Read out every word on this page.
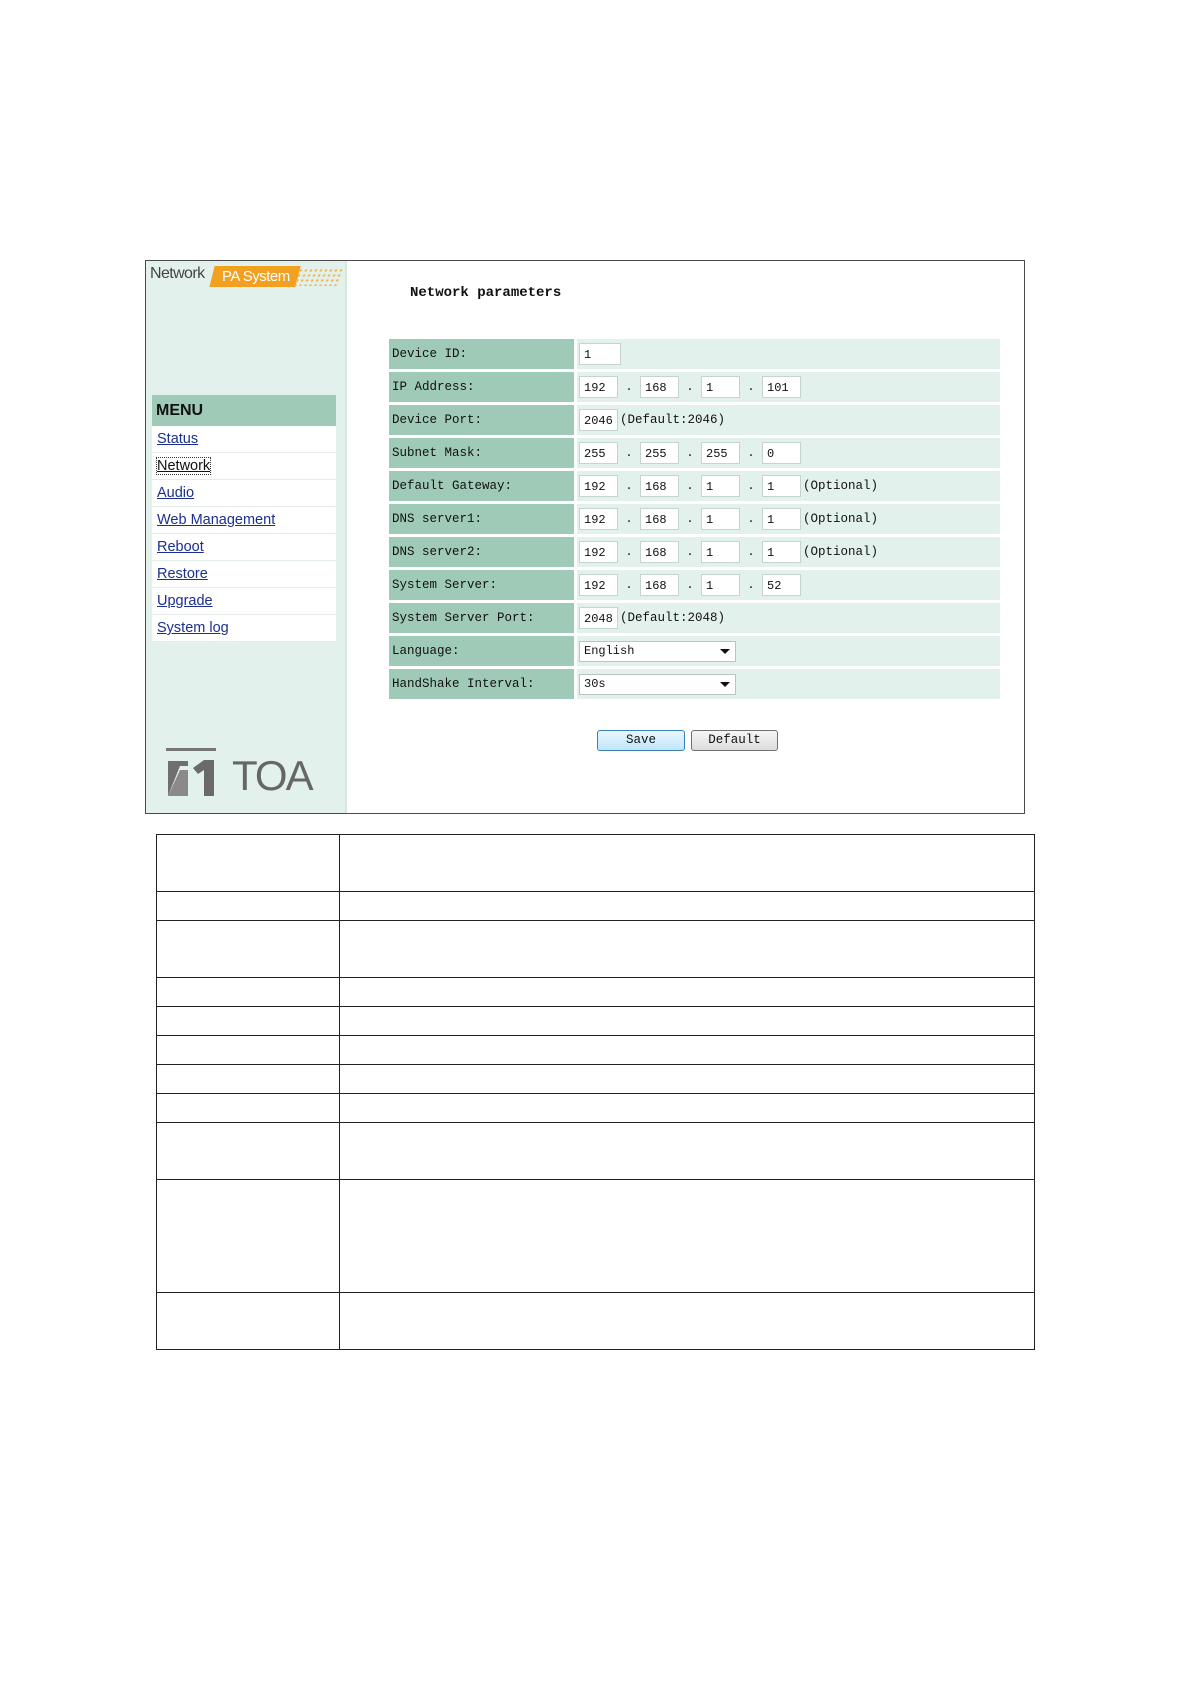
Network	PA System
MENU
Status
Network
Audio
Web Management
Reboot
Restore
Upgrade
System log
TOA
Network parameters
Device ID:	1
IP Address:	192 . 168 . 1 . 101
Device Port:	2046 (Default:2046)
Subnet Mask:	255 . 255 . 255 . 0
Default Gateway:	192 . 168 . 1 . 1 (Optional)
DNS server1:	192 . 168 . 1 . 1 (Optional)
DNS server2:	192 . 168 . 1 . 1 (Optional)
System Server:	192 . 168 . 1 . 52
System Server Port:	2048 (Default:2048)
Language:	English

HandShake Interval:	30s
Save	Default
